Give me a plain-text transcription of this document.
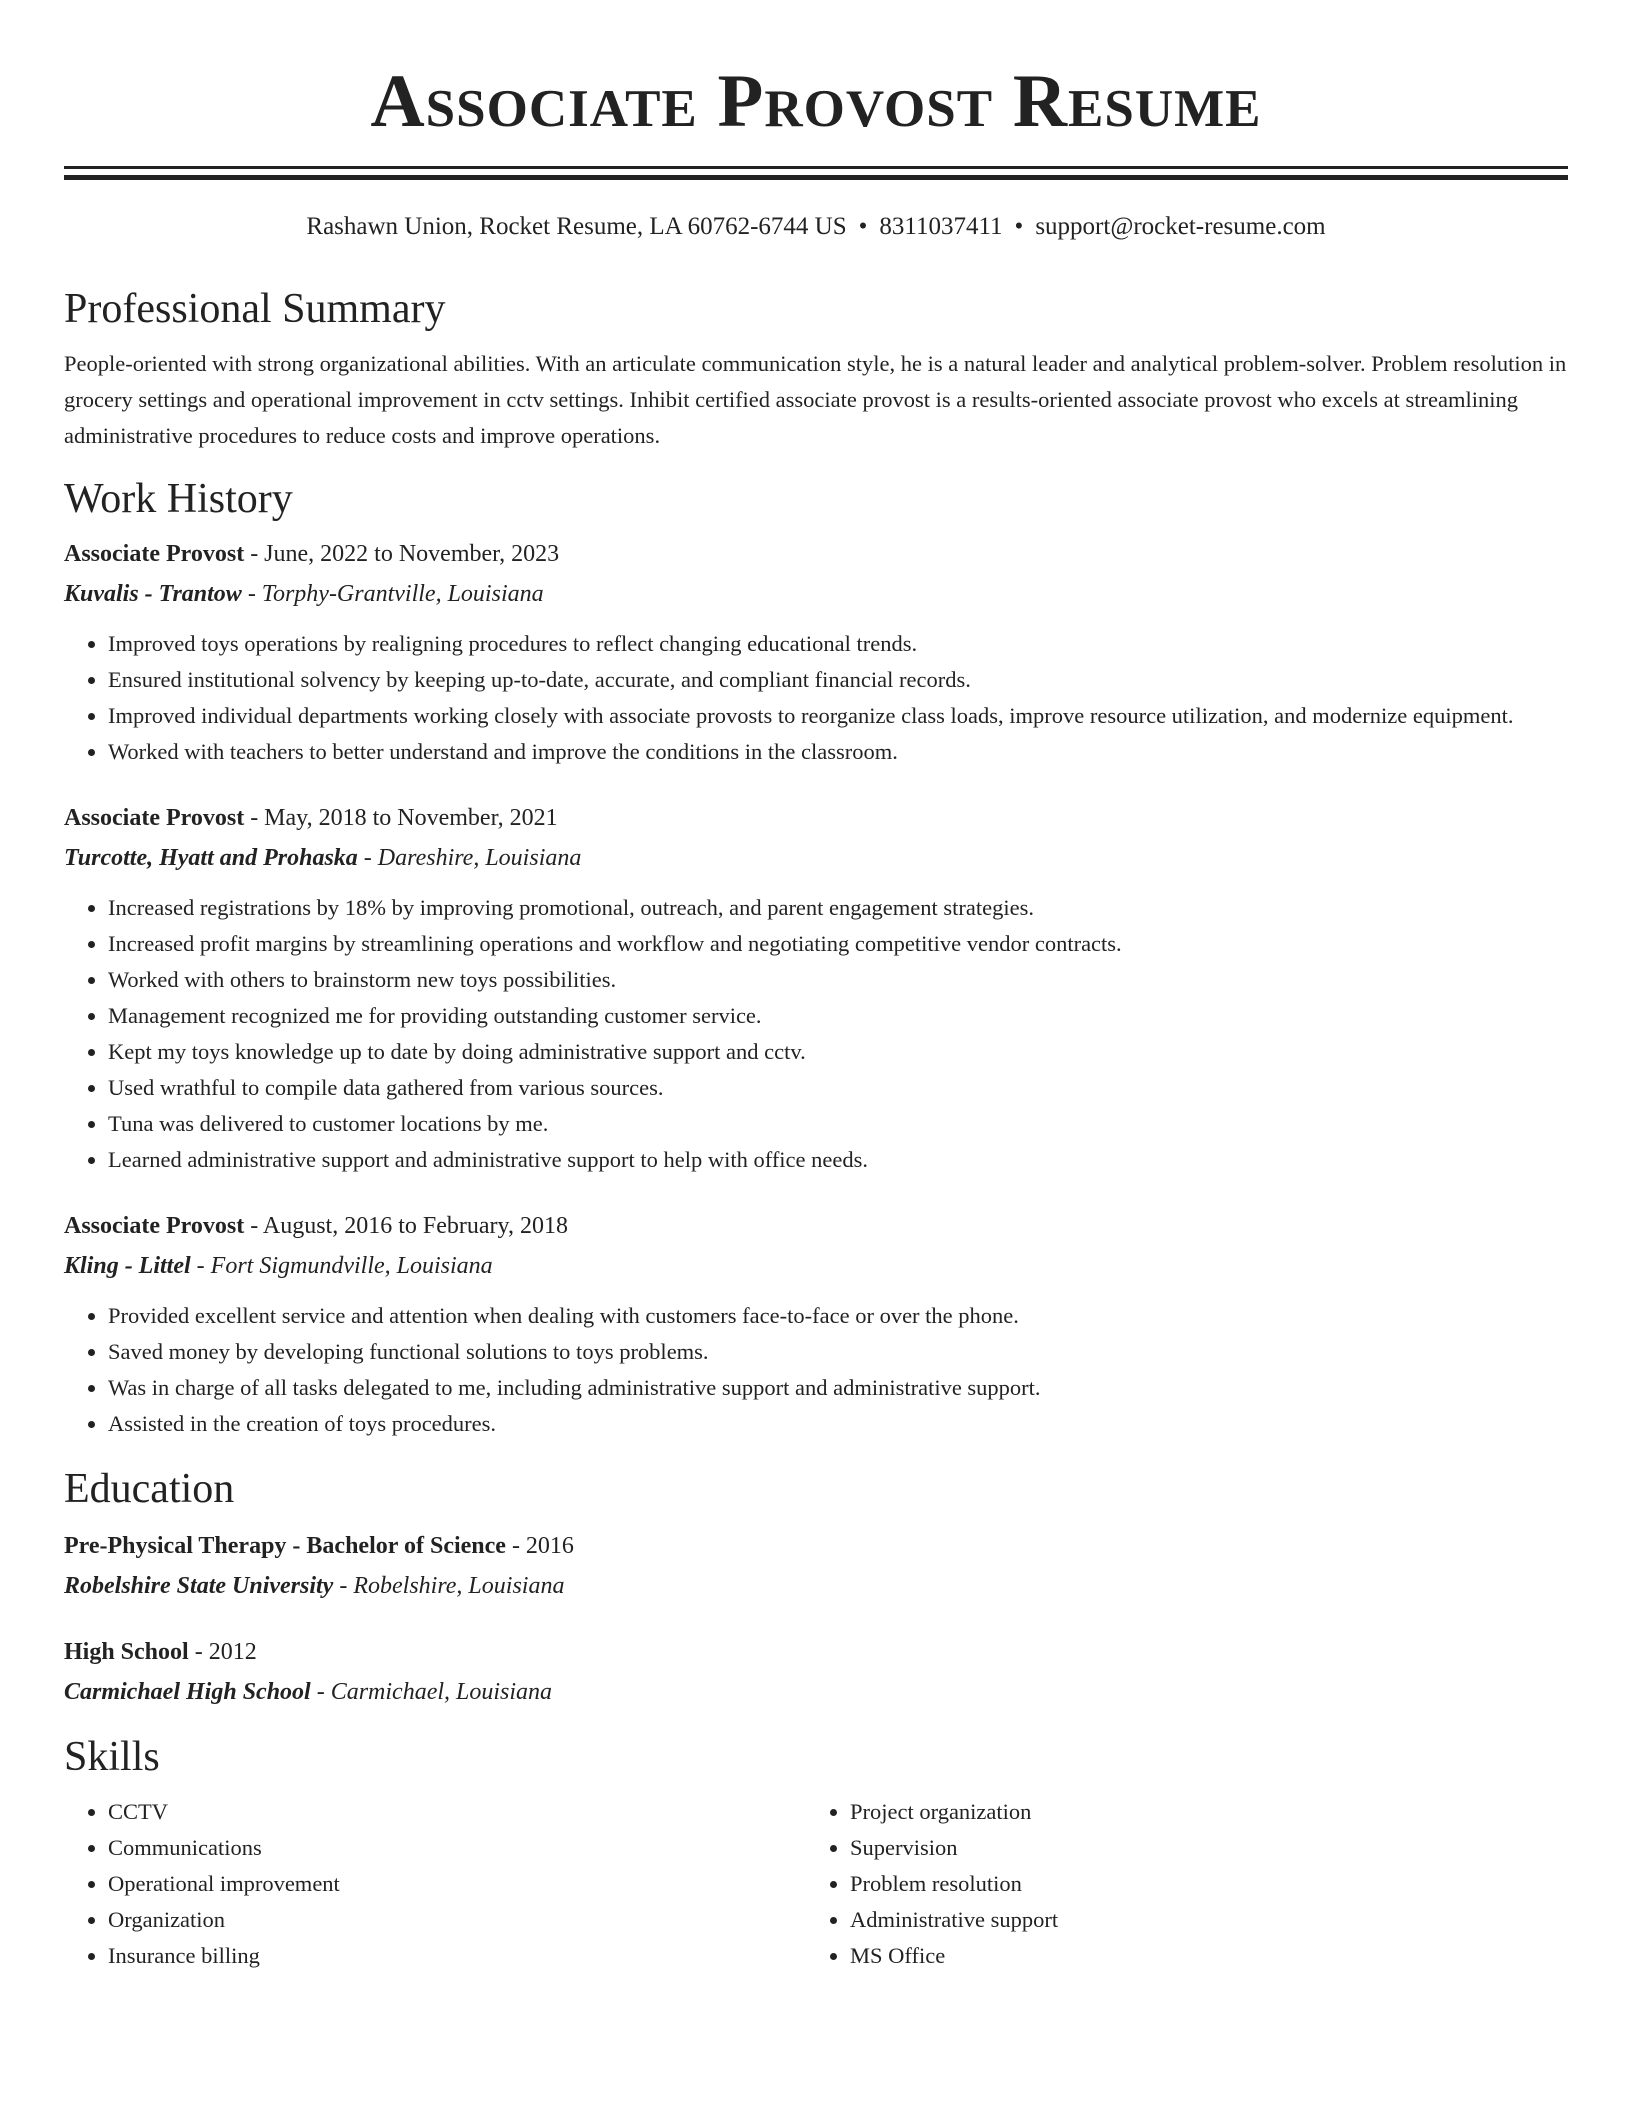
Associate Provost Resume
Rashawn Union, Rocket Resume, LA 60762-6744 US • 8311037411 • support@rocket-resume.com
Professional Summary

People-oriented with strong organizational abilities. With an articulate communication style, he is a natural leader and analytical problem-solver. Problem resolution in grocery settings and operational improvement in cctv settings. Inhibit certified associate provost is a results-oriented associate provost who excels at streamlining administrative procedures to reduce costs and improve operations.

Work History
Associate Provost - June, 2022 to November, 2023
Kuvalis - Trantow - Torphy-Grantville, Louisiana
• Improved toys operations by realigning procedures to reflect changing educational trends.
• Ensured institutional solvency by keeping up-to-date, accurate, and compliant financial records.
• Improved individual departments working closely with associate provosts to reorganize class loads, improve resource utilization, and modernize equipment.
• Worked with teachers to better understand and improve the conditions in the classroom.
Associate Provost - May, 2018 to November, 2021
Turcotte, Hyatt and Prohaska - Dareshire, Louisiana
• Increased registrations by 18% by improving promotional, outreach, and parent engagement strategies.
• Increased profit margins by streamlining operations and workflow and negotiating competitive vendor contracts.
• Worked with others to brainstorm new toys possibilities.
• Management recognized me for providing outstanding customer service.
• Kept my toys knowledge up to date by doing administrative support and cctv.
• Used wrathful to compile data gathered from various sources.
• Tuna was delivered to customer locations by me.
• Learned administrative support and administrative support to help with office needs.
Associate Provost - August, 2016 to February, 2018
Kling - Littel - Fort Sigmundville, Louisiana
• Provided excellent service and attention when dealing with customers face-to-face or over the phone.
• Saved money by developing functional solutions to toys problems.
• Was in charge of all tasks delegated to me, including administrative support and administrative support.
• Assisted in the creation of toys procedures.
Education
Pre-Physical Therapy - Bachelor of Science - 2016
Robelshire State University - Robelshire, Louisiana
High School - 2012
Carmichael High School - Carmichael, Louisiana
Skills
• CCTV
• Communications
• Operational improvement
• Organization
• Insurance billing
• Project organization
• Supervision
• Problem resolution
• Administrative support
• MS Office
